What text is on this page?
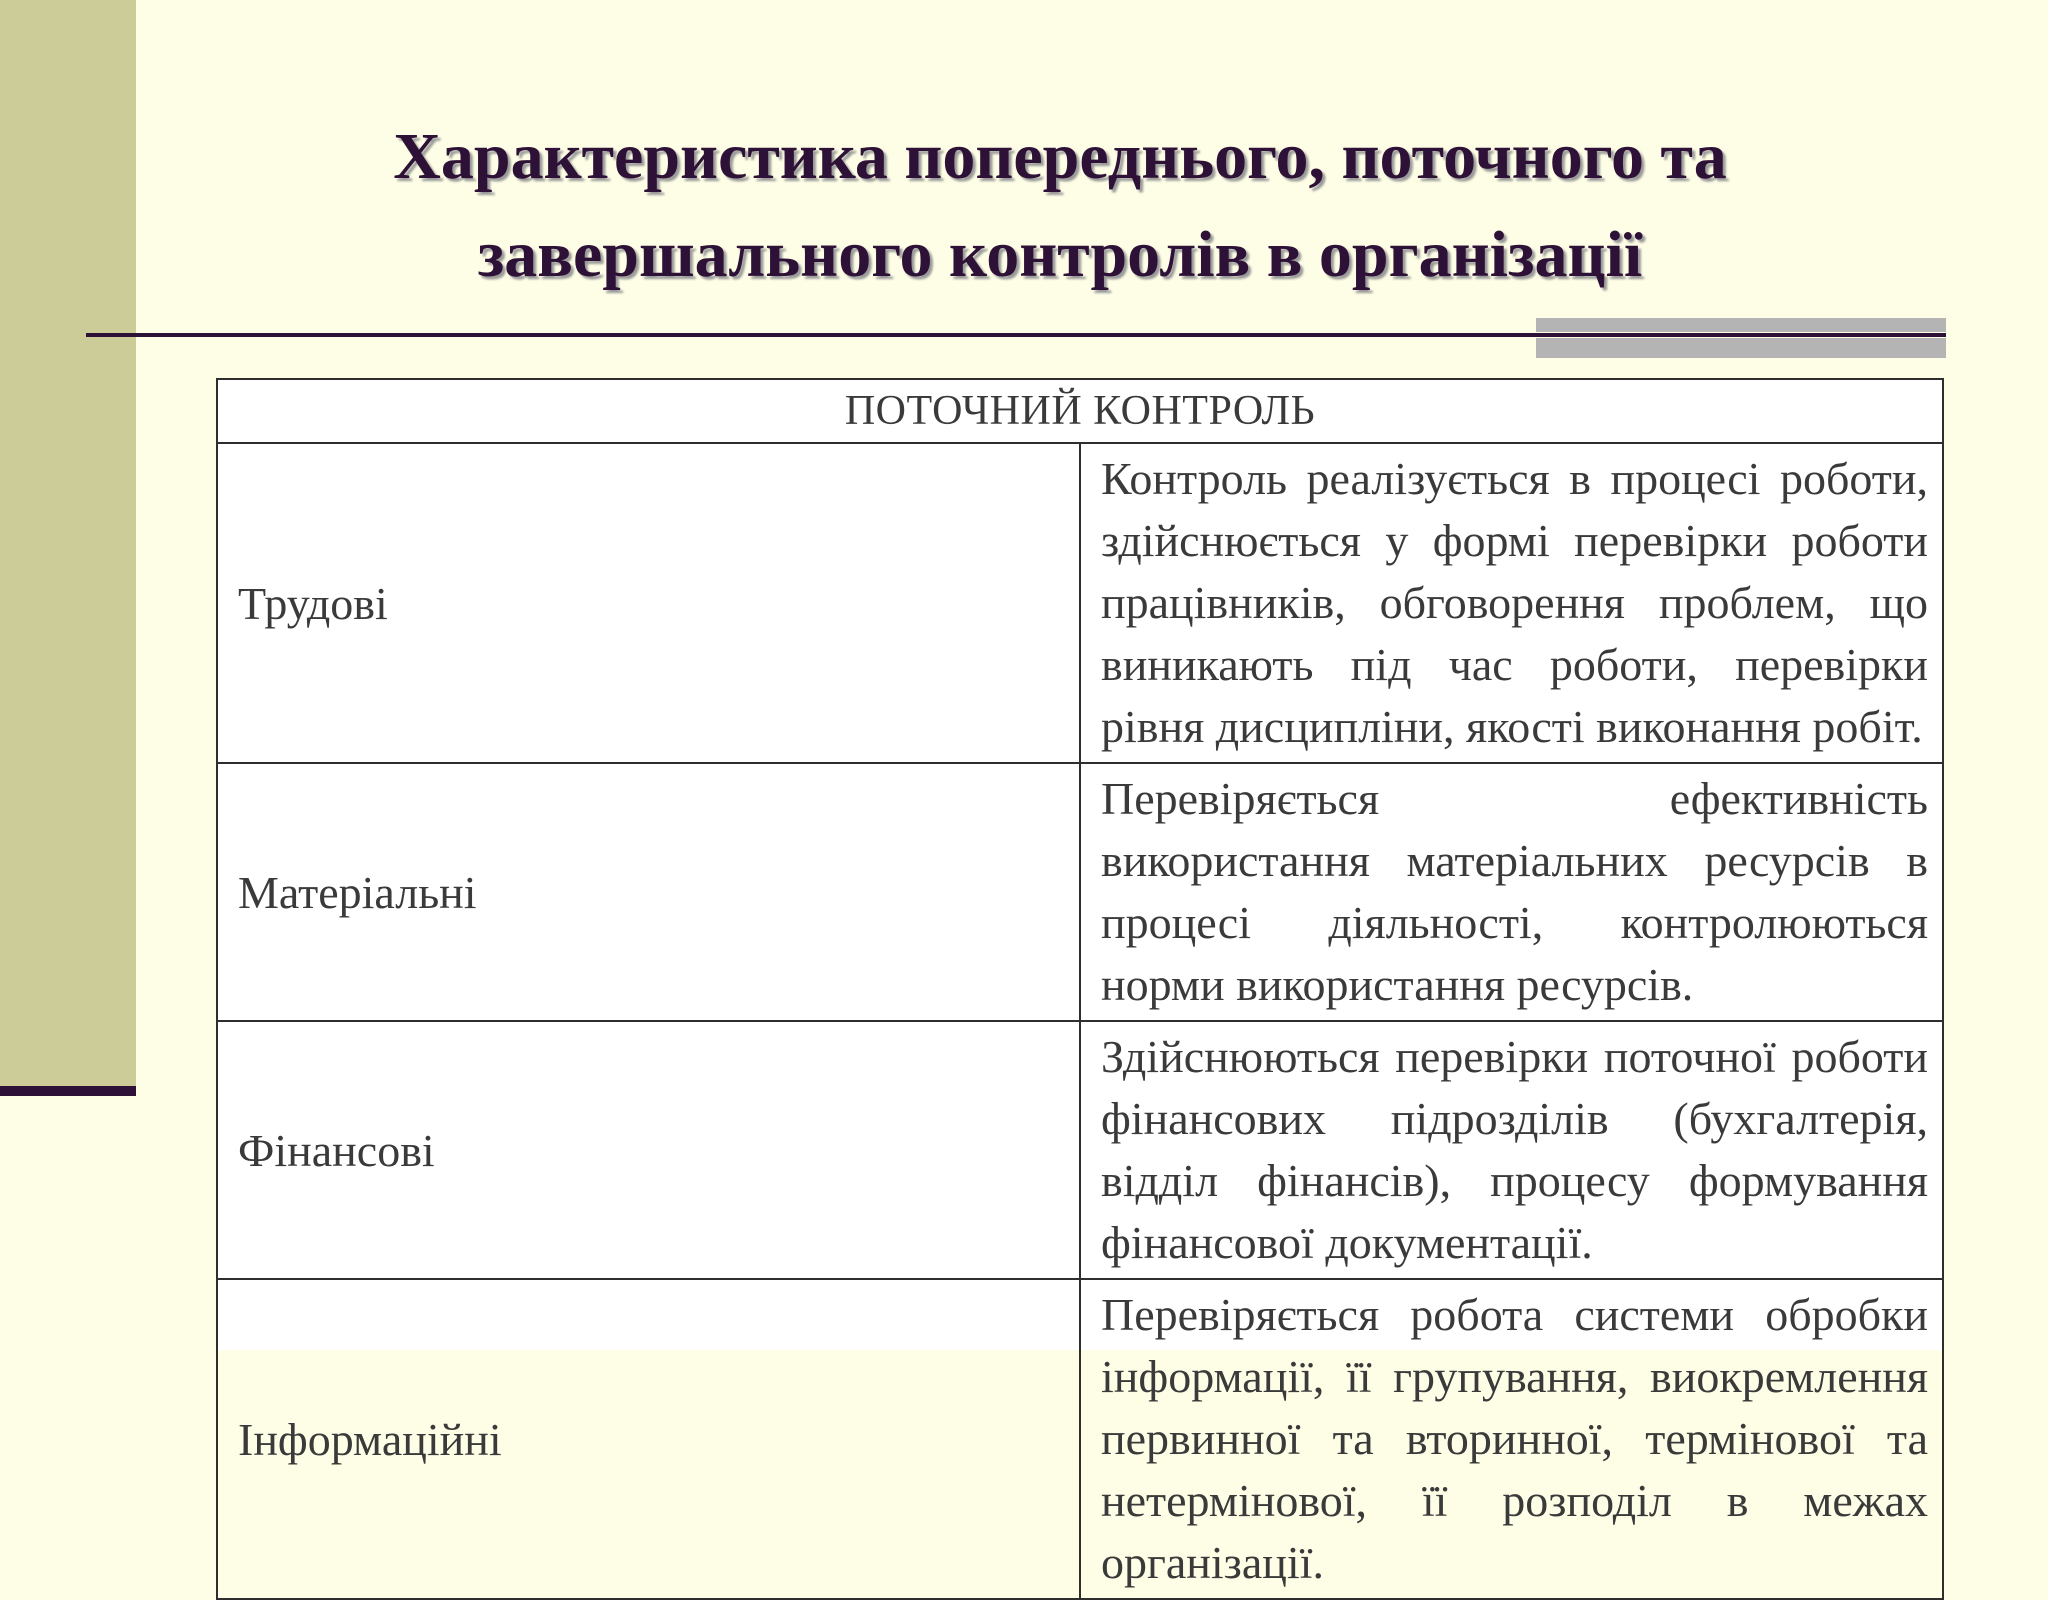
Характеристика попереднього, поточного та
завершального контролів в організації
ПОТОЧНИЙ КОНТРОЛЬ	
Трудові	Контроль реалізується в процесі роботи, здійснюється у формі перевірки роботи працівників, обговорення проблем, що виникають під час роботи, перевірки рівня дисципліни, якості виконання робіт.
Матеріальні	Перевіряється ефективність використання матеріальних ресурсів в процесі діяльності, контролюються норми використання ресурсів.
Фінансові	Здійснюються перевірки поточної роботи фінансових підрозділів (бухгалтерія, відділ фінансів), процесу формування фінансової документації.
Інформаційні	Перевіряється робота системи обробки інформації, її групування, виокремлення первинної та вторинної, термінової та нетермінової, її розподіл в межах організації.
